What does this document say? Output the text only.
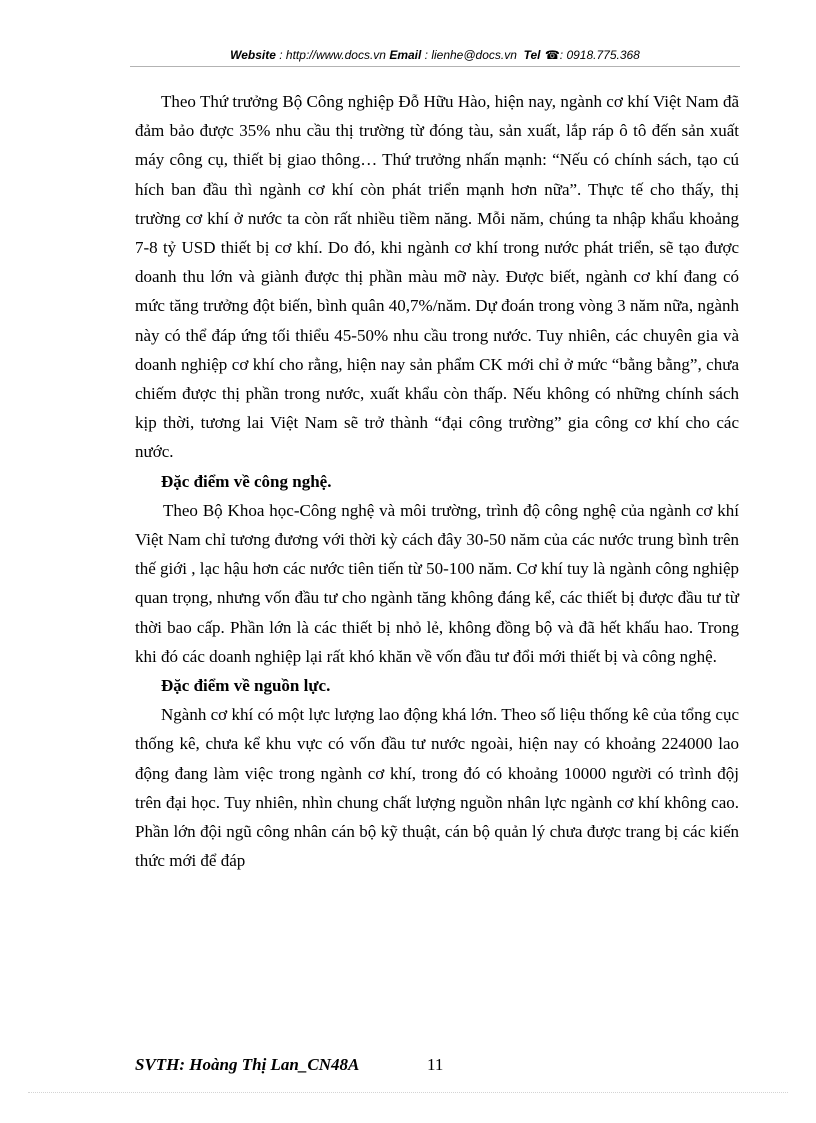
Website : http://www.docs.vn Email : lienhe@docs.vn Tel ☎: 0918.775.368

Theo Thứ trưởng Bộ Công nghiệp Đỗ Hữu Hào, hiện nay, ngành cơ khí Việt Nam đã đảm bảo được 35% nhu cầu thị trường từ đóng tàu, sản xuất, lắp ráp ô tô đến sản xuất máy công cụ, thiết bị giao thông… Thứ trưởng nhấn mạnh: “Nếu có chính sách, tạo cú hích ban đầu thì ngành cơ khí còn phát triển mạnh hơn nữa”. Thực tế cho thấy, thị trường cơ khí ở nước ta còn rất nhiều tiềm năng. Mỗi năm, chúng ta nhập khẩu khoảng 7-8 tỷ USD thiết bị cơ khí. Do đó, khi ngành cơ khí trong nước phát triển, sẽ tạo được doanh thu lớn và giành được thị phần màu mỡ này. Được biết, ngành cơ khí đang có mức tăng trưởng đột biến, bình quân 40,7%/năm. Dự đoán trong vòng 3 năm nữa, ngành này có thể đáp ứng tối thiểu 45-50% nhu cầu trong nước. Tuy nhiên, các chuyên gia và doanh nghiệp cơ khí cho rằng, hiện nay sản phẩm CK mới chỉ ở mức “bằng bằng”, chưa chiếm được thị phần trong nước, xuất khẩu còn thấp. Nếu không có những chính sách kịp thời, tương lai Việt Nam sẽ trở thành “đại công trường” gia công cơ khí cho các nước.

Đặc điểm về công nghệ.

Theo Bộ Khoa học-Công nghệ và môi trường, trình độ công nghệ của ngành cơ khí Việt Nam chỉ tương đương với thời kỳ cách đây 30-50 năm của các nước trung bình trên thế giới , lạc hậu hơn các nước tiên tiến từ 50-100 năm. Cơ khí tuy là ngành công nghiệp quan trọng, nhưng vốn đầu tư cho ngành tăng không đáng kể, các thiết bị được đầu tư từ thời bao cấp. Phần lớn là các thiết bị nhỏ lẻ, không đồng bộ và đã hết khấu hao. Trong khi đó các doanh nghiệp lại rất khó khăn về vốn đầu tư đổi mới thiết bị và công nghệ.

Đặc điểm về nguồn lực.

Ngành cơ khí có một lực lượng lao động khá lớn. Theo số liệu thống kê của tổng cục thống kê, chưa kể khu vực có vốn đầu tư nước ngoài, hiện nay có khoảng 224000 lao động đang làm việc trong ngành cơ khí, trong đó có khoảng 10000 người có trình độj trên đại học. Tuy nhiên, nhìn chung chất lượng nguồn nhân lực ngành cơ khí không cao. Phần lớn đội ngũ công nhân cán bộ kỹ thuật, cán bộ quản lý chưa được trang bị các kiến thức mới để đáp

SVTH: Hoàng Thị Lan_CN48A	11
